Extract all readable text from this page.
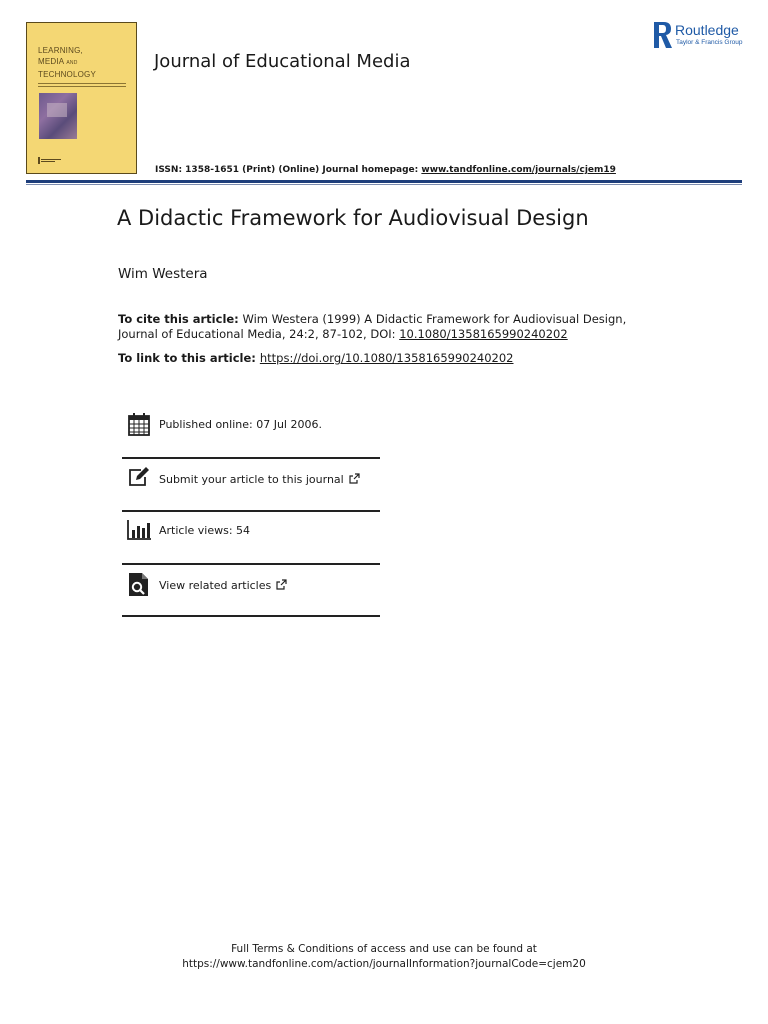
LEARNING,
MEDIA AND
TECHNOLOGY
Journal of Educational Media
ISSN: 1358-1651 (Print) (Online) Journal homepage: www.tandfonline.com/journals/cjem19
Routledge
Taylor & Francis Group
A Didactic Framework for Audiovisual Design
Wim Westera
To cite this article: Wim Westera (1999) A Didactic Framework for Audiovisual Design, Journal of Educational Media, 24:2, 87-102, DOI: 10.1080/1358165990240202
To link to this article: https://doi.org/10.1080/1358165990240202
Published online: 07 Jul 2006.
Submit your article to this journal
Article views: 54
View related articles
Full Terms & Conditions of access and use can be found at
https://www.tandfonline.com/action/journalInformation?journalCode=cjem20
